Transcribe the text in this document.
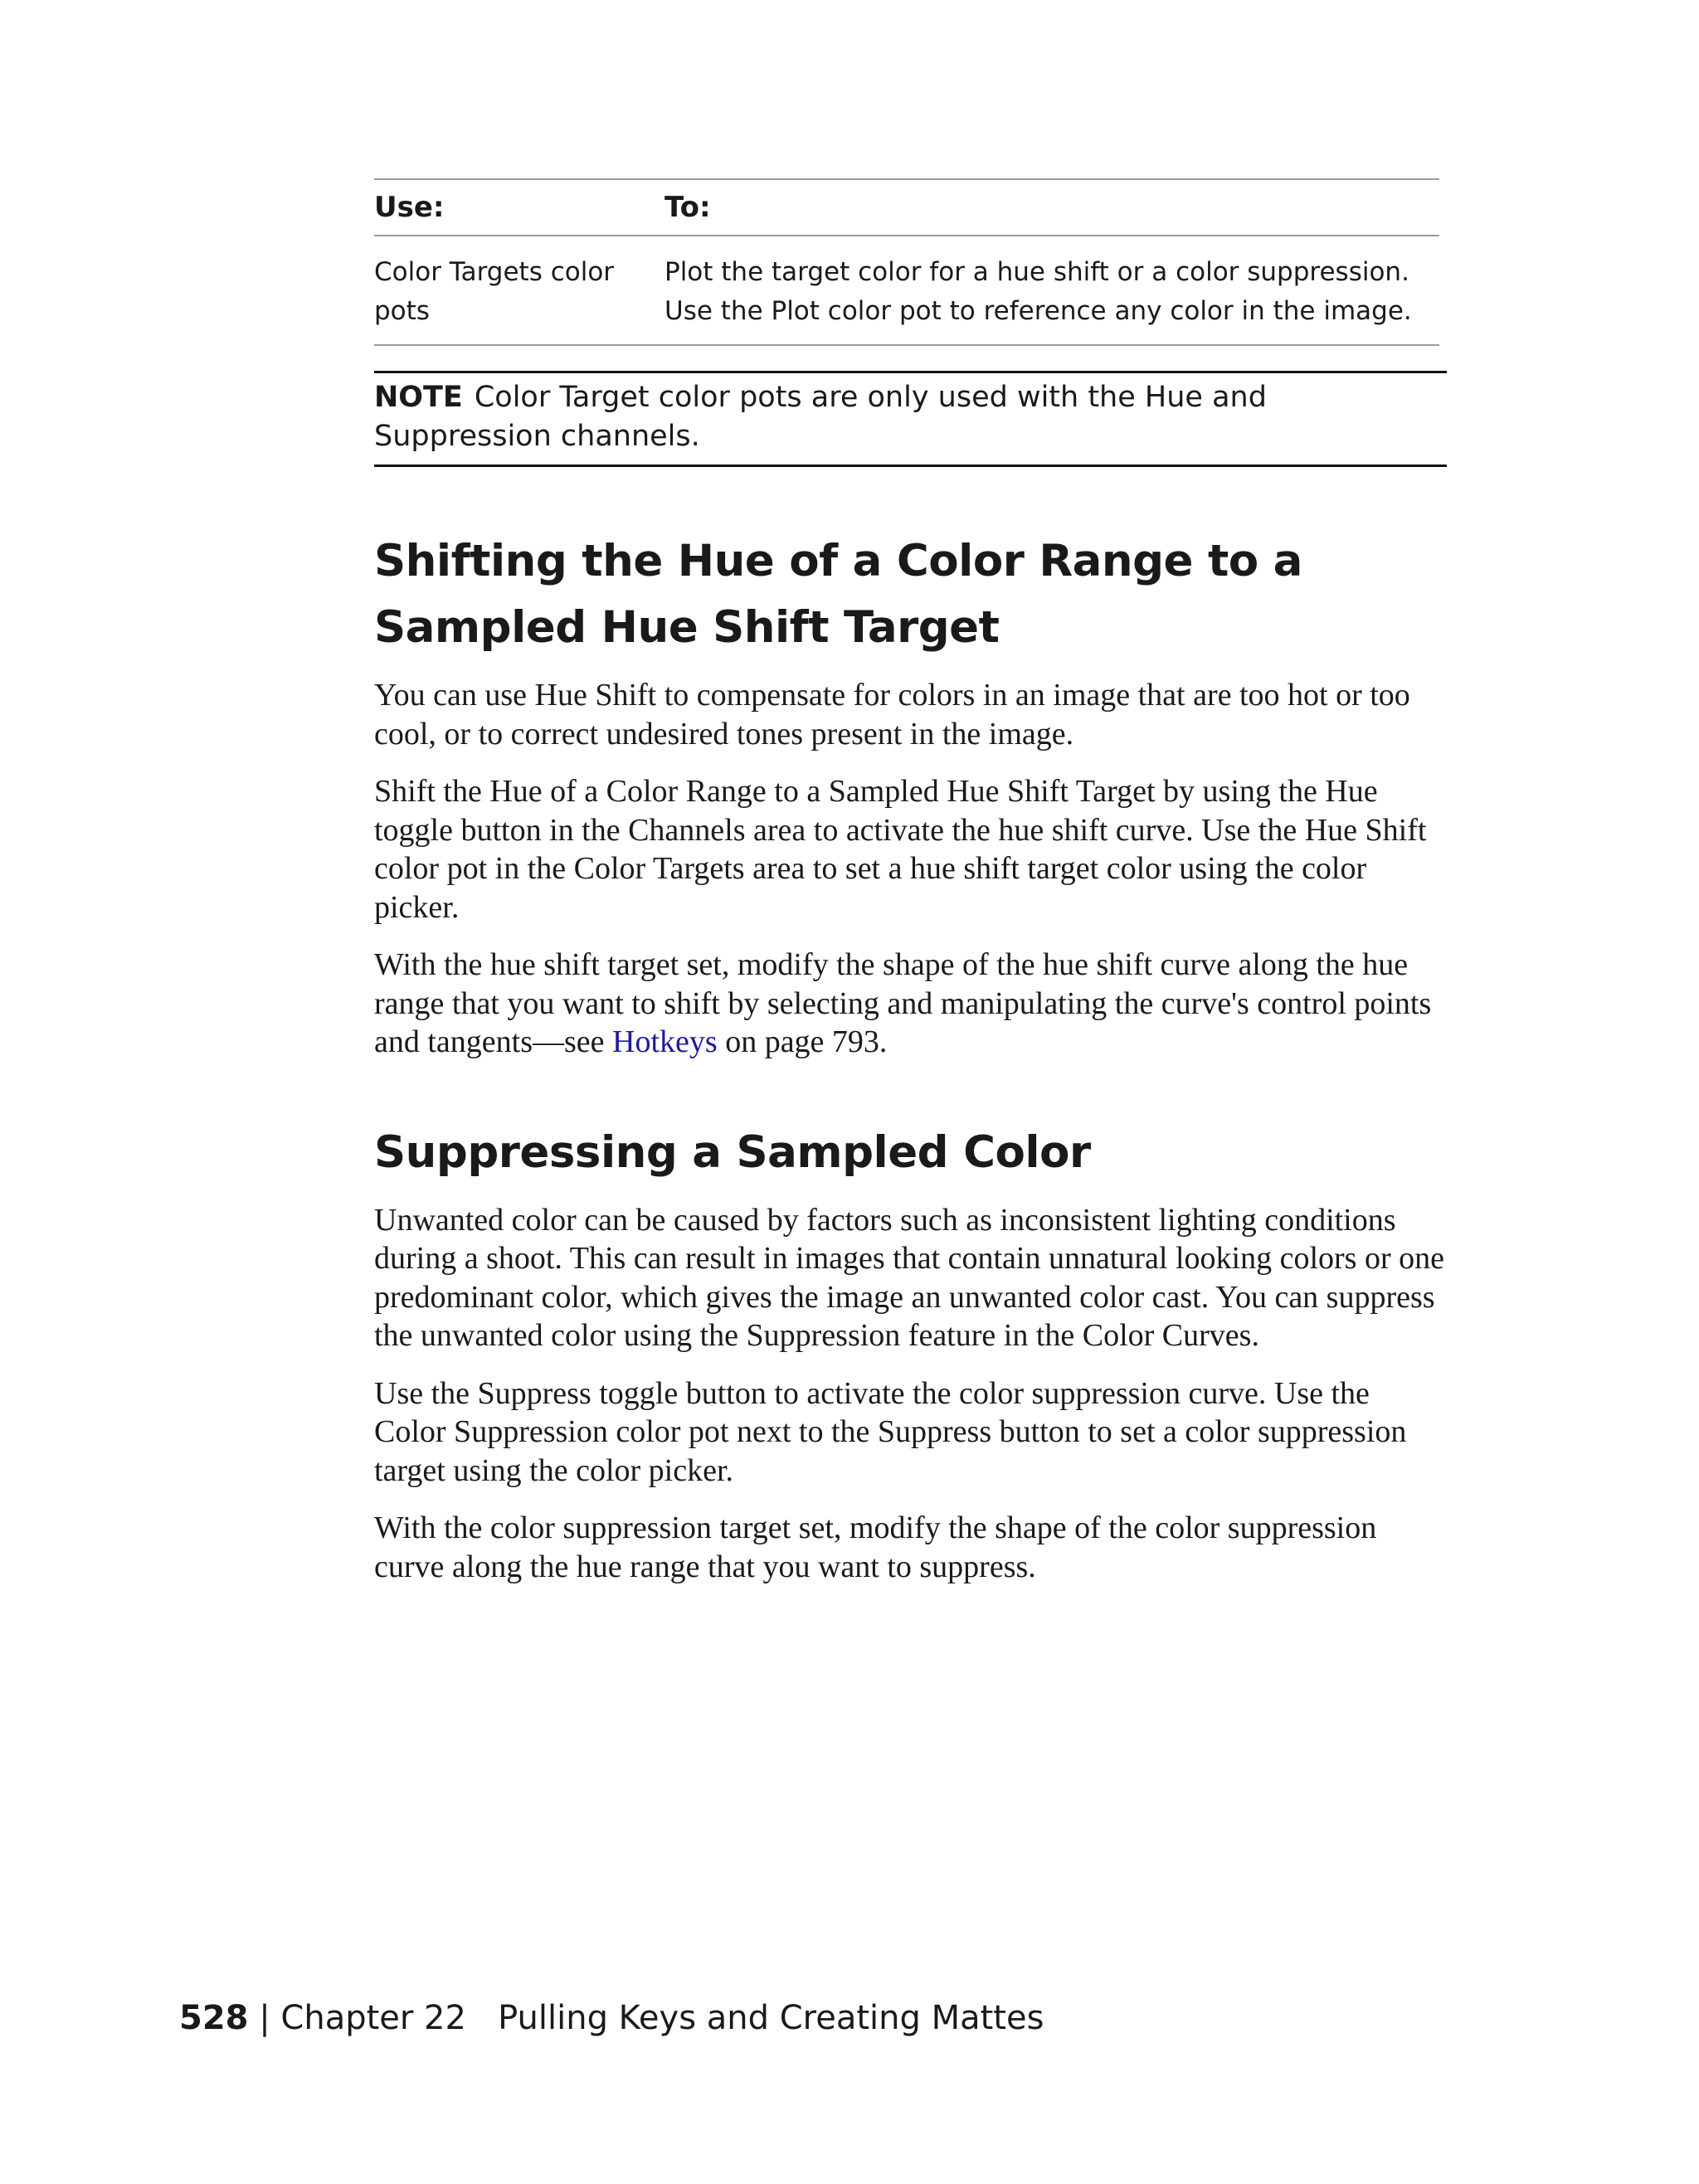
Use:	To:
Color Targets color pots	Plot the target color for a hue shift or a color suppression. Use the Plot color pot to reference any color in the image.
NOTE Color Target color pots are only used with the Hue and Suppression channels.
Shifting the Hue of a Color Range to a Sampled Hue Shift Target

You can use Hue Shift to compensate for colors in an image that are too hot or too cool, or to correct undesired tones present in the image.

Shift the Hue of a Color Range to a Sampled Hue Shift Target by using the Hue toggle button in the Channels area to activate the hue shift curve. Use the Hue Shift color pot in the Color Targets area to set a hue shift target color using the color picker.

With the hue shift target set, modify the shape of the hue shift curve along the hue range that you want to shift by selecting and manipulating the curve's control points and tangents—see Hotkeys on page 793.

Suppressing a Sampled Color

Unwanted color can be caused by factors such as inconsistent lighting conditions during a shoot. This can result in images that contain unnatural looking colors or one predominant color, which gives the image an unwanted color cast. You can suppress the unwanted color using the Suppression feature in the Color Curves.

Use the Suppress toggle button to activate the color suppression curve. Use the Color Suppression color pot next to the Suppress button to set a color suppression target using the color picker.

With the color suppression target set, modify the shape of the color suppression curve along the hue range that you want to suppress.

528 | Chapter 22 Pulling Keys and Creating Mattes
